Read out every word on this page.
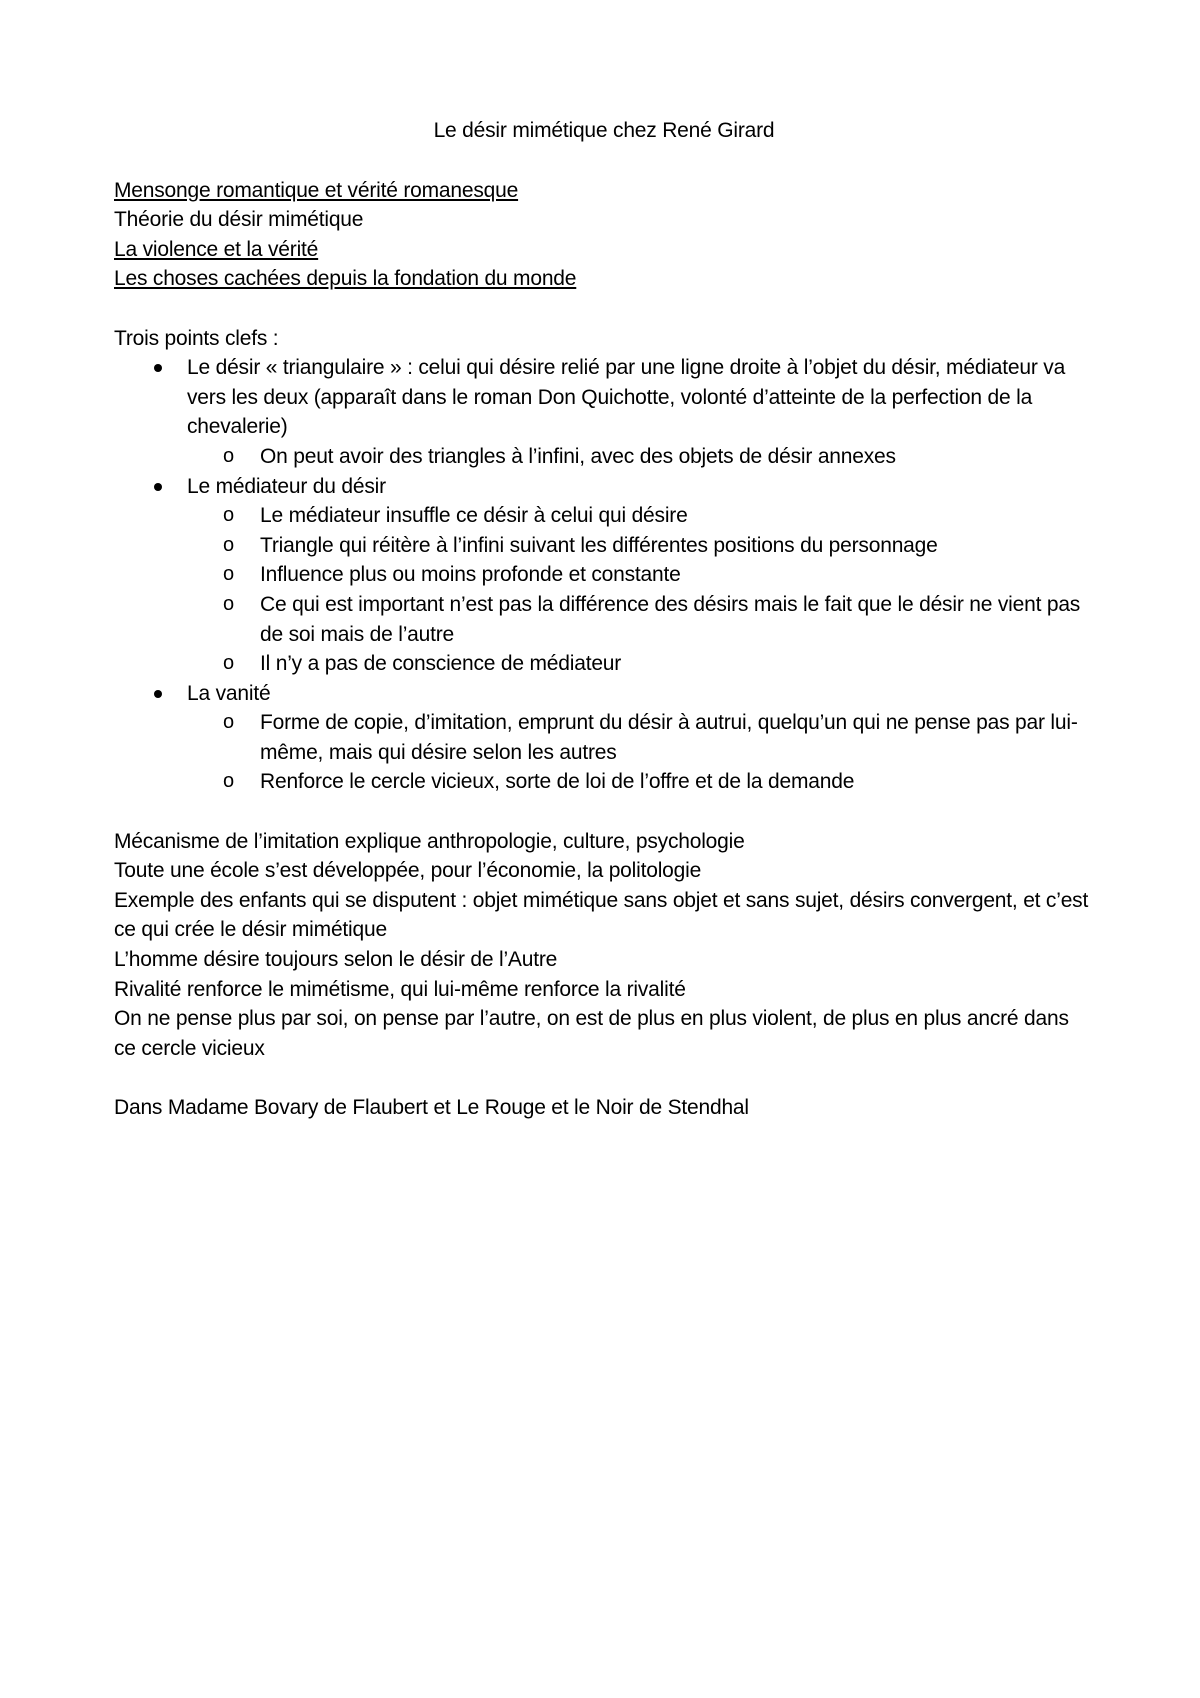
Le désir mimétique chez René Girard

Mensonge romantique et vérité romanesque

Théorie du désir mimétique

La violence et la vérité

Les choses cachées depuis la fondation du monde

Trois points clefs :

Le désir « triangulaire » : celui qui désire relié par une ligne droite à l’objet du désir, médiateur va vers les deux (apparaît dans le roman Don Quichotte, volonté d’atteinte de la perfection de la chevalerie)
o On peut avoir des triangles à l’infini, avec des objets de désir annexes
Le médiateur du désir
o Le médiateur insuffle ce désir à celui qui désire
o Triangle qui réitère à l’infini suivant les différentes positions du personnage
o Influence plus ou moins profonde et constante
o Ce qui est important n’est pas la différence des désirs mais le fait que le désir ne vient pas de soi mais de l’autre
o Il n’y a pas de conscience de médiateur
La vanité
o Forme de copie, d’imitation, emprunt du désir à autrui, quelqu’un qui ne pense pas par lui-même, mais qui désire selon les autres
o Renforce le cercle vicieux, sorte de loi de l’offre et de la demande

Mécanisme de l’imitation explique anthropologie, culture, psychologie

Toute une école s’est développée, pour l’économie, la politologie

Exemple des enfants qui se disputent : objet mimétique sans objet et sans sujet, désirs convergent, et c’est ce qui crée le désir mimétique

L’homme désire toujours selon le désir de l’Autre

Rivalité renforce le mimétisme, qui lui-même renforce la rivalité

On ne pense plus par soi, on pense par l’autre, on est de plus en plus violent, de plus en plus ancré dans ce cercle vicieux

Dans Madame Bovary de Flaubert et Le Rouge et le Noir de Stendhal
